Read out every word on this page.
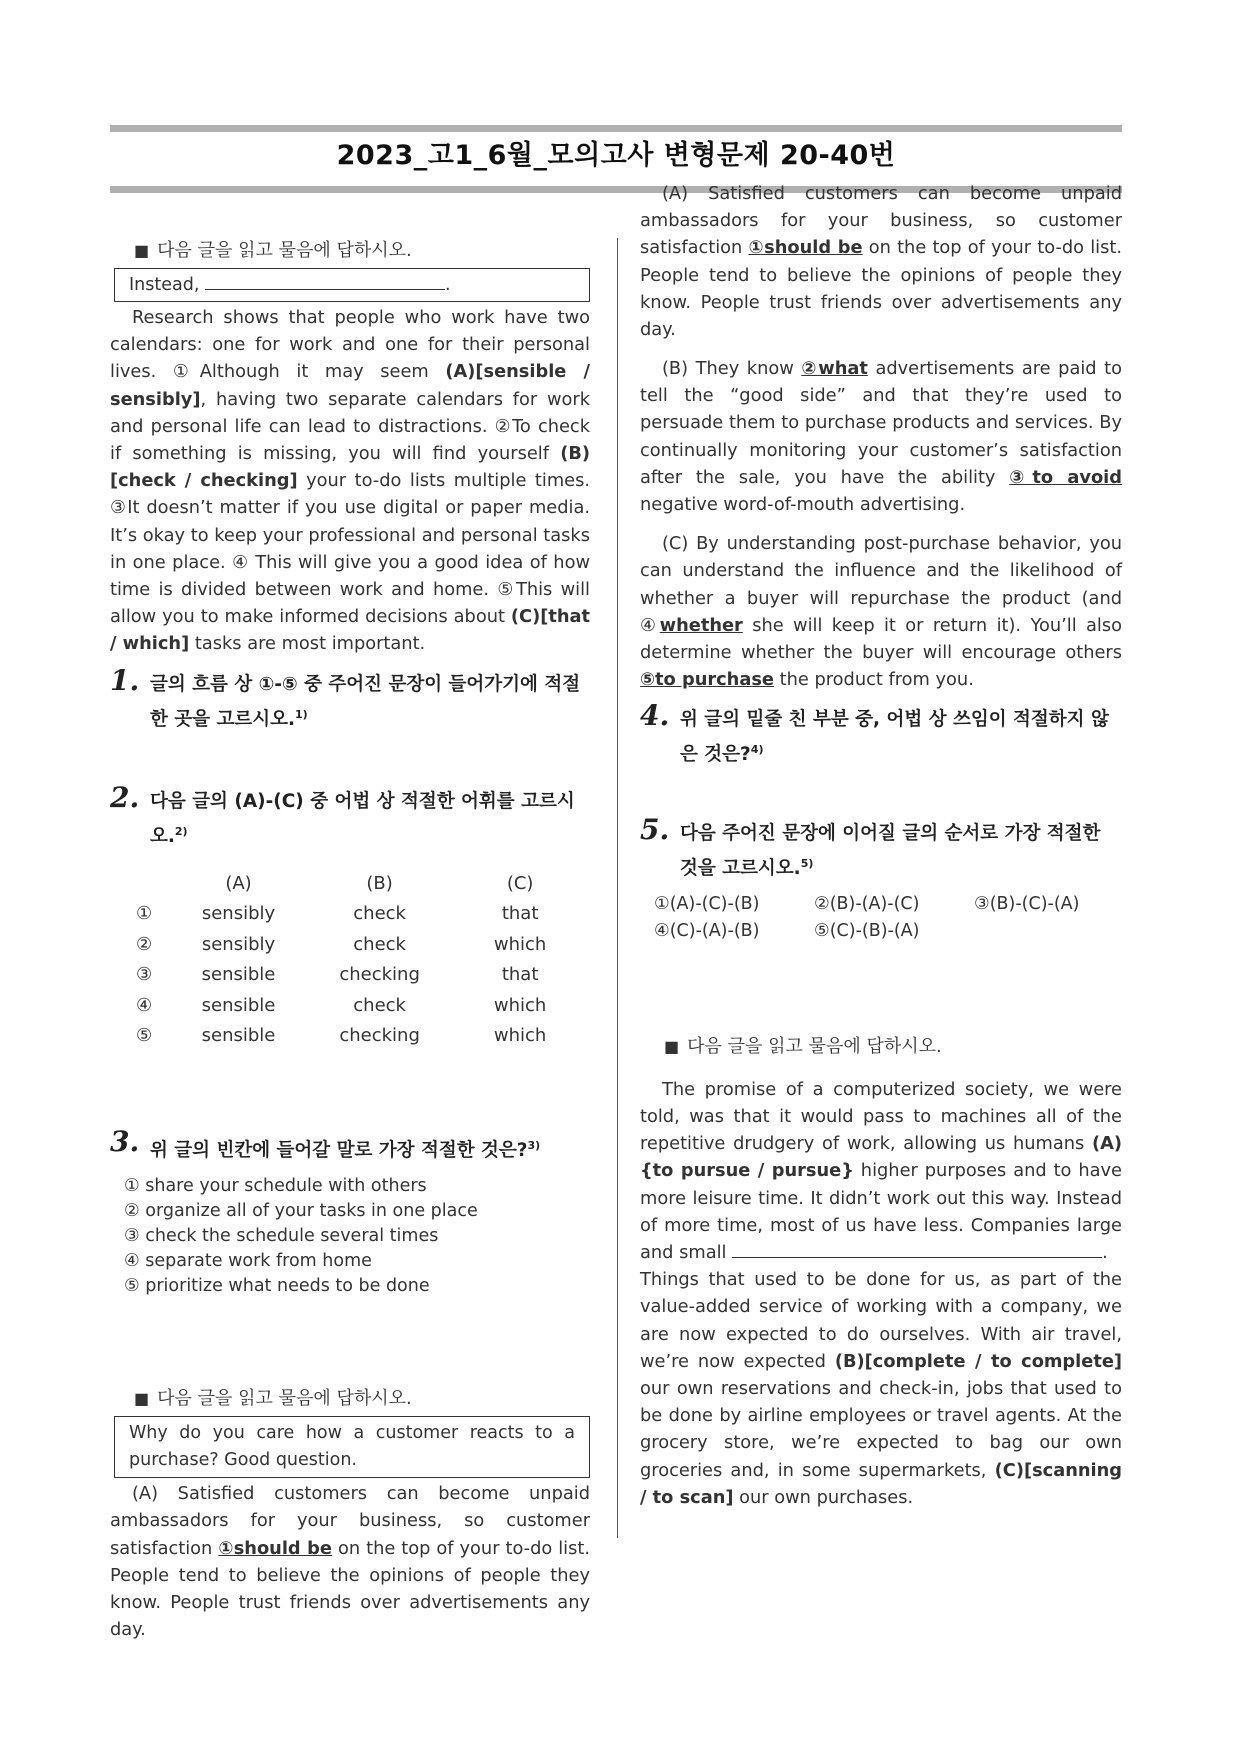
2023_고1_6월_모의고사 변형문제 20-40번
■ 다음 글을 읽고 물음에 답하시오.
Instead,	.

Research shows that people who work have two calendars: one for work and one for their personal lives. ①Although it may seem (A)[sensible / sensibly], having two separate calendars for work and personal life can lead to distractions. ②To check if something is missing, you will find yourself (B)[check / checking] your to-do lists multiple times. ③It doesn’t matter if you use digital or paper media. It’s okay to keep your professional and personal tasks in one place. ④ This will give you a good idea of how time is divided between work and home. ⑤This will allow you to make informed decisions about (C)[that / which] tasks are most important.

1. 글의 흐름 상 ①-⑤ 중 주어진 문장이 들어가기에 적절한 곳을 고르시오.$^{1)}$
2. 다음 글의 (A)-(C) 중 어법 상 적절한 어휘를 고르시오.$^{2)}$
	(A)	(B)	(C)
①	sensibly	check	that
②	sensibly	check	which
③	sensible	checking	that
④	sensible	check	which
⑤	sensible	checking	which
3. 위 글의 빈칸에 들어갈 말로 가장 적절한 것은?$^{3)}$
① share your schedule with others
② organize all of your tasks in one place
③ check the schedule several times
④ separate work from home
⑤ prioritize what needs to be done
■ 다음 글을 읽고 물음에 답하시오.
Why do you care how a customer reacts to a purchase? Good question.

(A) Satisfied customers can become unpaid ambassadors for your business, so customer satisfaction ①should be on the top of your to-do list. People tend to believe the opinions of people they know. People trust friends over advertisements any day.

(A) Satisfied customers can become unpaid ambassadors for your business, so customer satisfaction ①should be on the top of your to-do list. People tend to believe the opinions of people they know. People trust friends over advertisements any day.

(B) They know ②what advertisements are paid to tell the “good side” and that they’re used to persuade them to purchase products and services. By continually monitoring your customer’s satisfaction after the sale, you have the ability ③to avoid negative word-of-mouth advertising.

(C) By understanding post-purchase behavior, you can understand the influence and the likelihood of whether a buyer will repurchase the product (and ④whether she will keep it or return it). You’ll also determine whether the buyer will encourage others ⑤to purchase the product from you.

4. 위 글의 밑줄 친 부분 중, 어법 상 쓰임이 적절하지 않은 것은?$^{4)}$
5. 다음 주어진 문장에 이어질 글의 순서로 가장 적절한 것을 고르시오.$^{5)}$
①(A)-(C)-(B)	②(B)-(A)-(C)	③(B)-(C)-(A)
④(C)-(A)-(B)	⑤(C)-(B)-(A)
■ 다음 글을 읽고 물음에 답하시오.

The promise of a computerized society, we were told, was that it would pass to machines all of the repetitive drudgery of work, allowing us humans (A){to pursue / pursue} higher purposes and to have more leisure time. It didn’t work out this way. Instead of more time, most of us have less. Companies large and small	.

Things that used to be done for us, as part of the value-added service of working with a company, we are now expected to do ourselves. With air travel, we’re now expected (B)[complete / to complete] our own reservations and check-in, jobs that used to be done by airline employees or travel agents. At the grocery store, we’re expected to bag our own groceries and, in some supermarkets, (C)[scanning / to scan] our own purchases.
